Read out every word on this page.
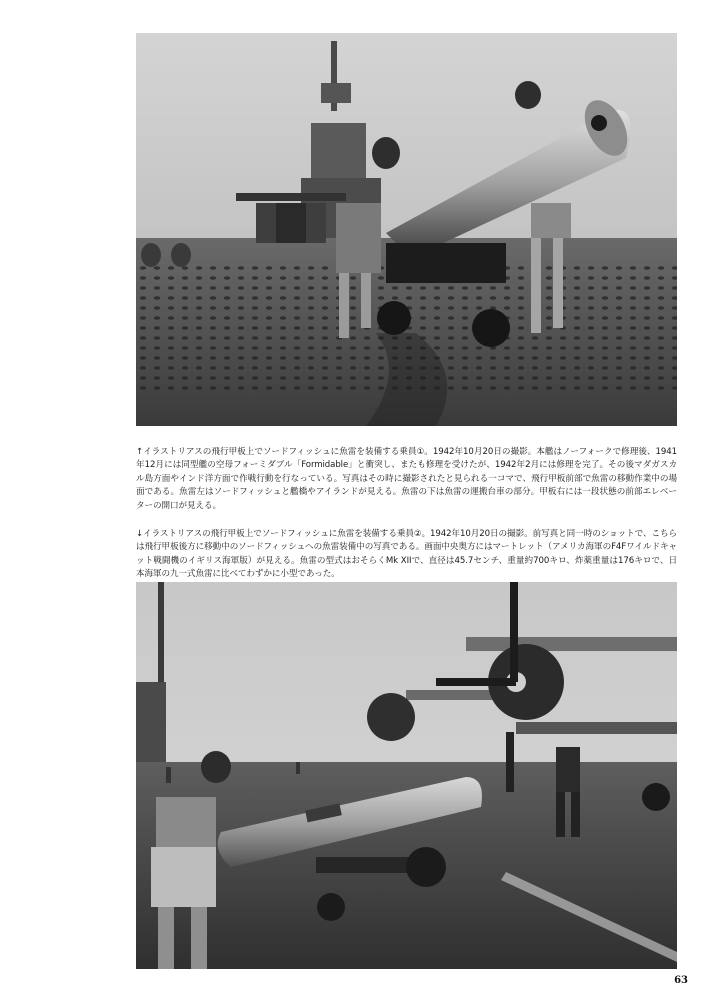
↑イラストリアスの飛行甲板上でソードフィッシュに魚雷を装備する乗員①。1942年10月20日の撮影。本艦はノーフォークで修理後、1941年12月には同型艦の空母フォーミダブル「Formidable」と衝突し、またも修理を受けたが、1942年2月には修理を完了。その後マダガスカル島方面やインド洋方面で作戦行動を行なっている。写真はその時に撮影されたと見られる一コマで、飛行甲板前部で魚雷の移動作業中の場面である。魚雷左はソードフィッシュと艦橋やアイランドが見える。魚雷の下は魚雷の運搬台車の部分。甲板右には一段状態の前部エレベーターの開口が見える。

↓イラストリアスの飛行甲板上でソードフィッシュに魚雷を装備する乗員②。1942年10月20日の撮影。前写真と同一時のショットで、こちらは飛行甲板後方に移動中のソードフィッシュへの魚雷装備中の写真である。画面中央奥方にはマートレット（アメリカ海軍のF4Fワイルドキャット戦闘機のイギリス海軍版）が見える。魚雷の型式はおそらくMk XIIで、直径は45.7センチ、重量約700キロ、炸薬重量は176キロで、日本海軍の九一式魚雷に比べてわずかに小型であった。

63
